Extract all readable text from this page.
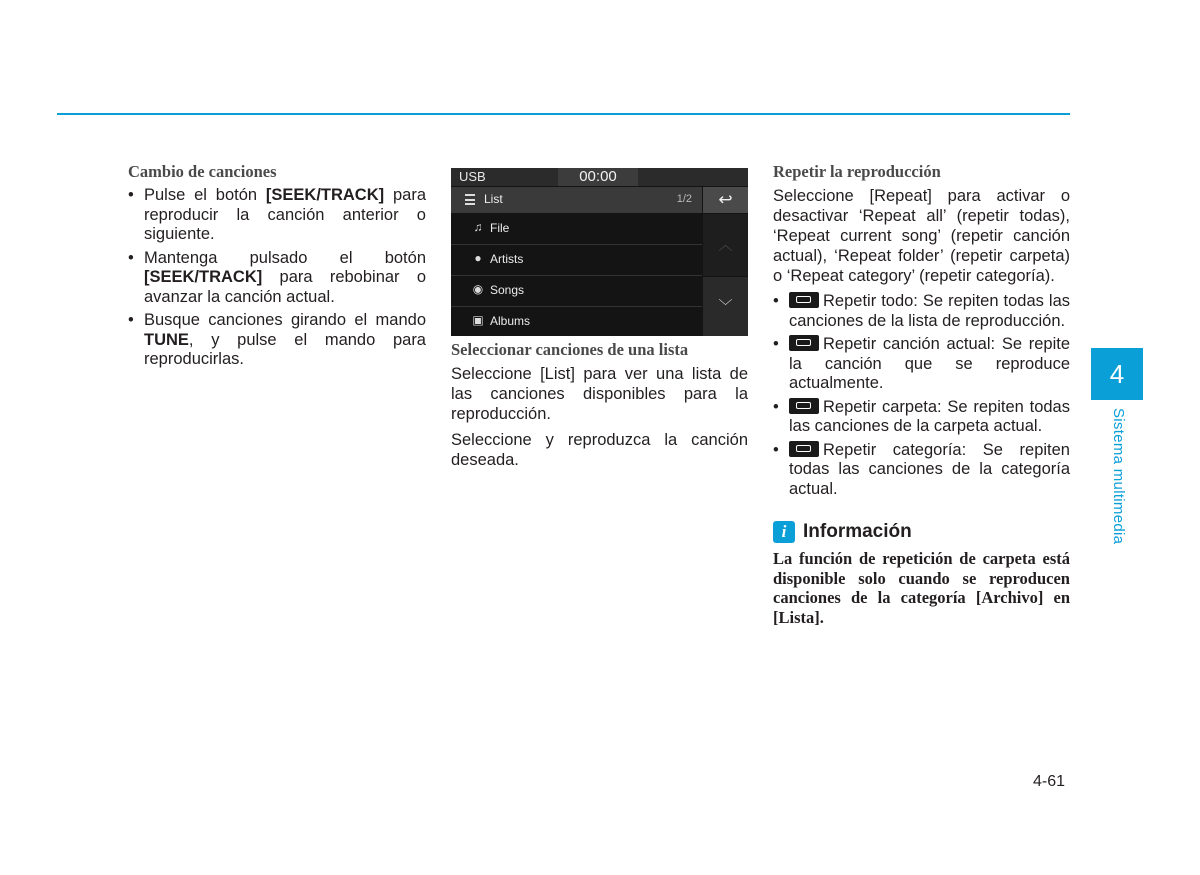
Cambio de canciones
• Pulse el botón [SEEK/TRACK] para reproducir la canción anterior o siguiente.
• Mantenga pulsado el botón [SEEK/TRACK] para rebobinar o avanzar la canción actual.
• Busque canciones girando el mando TUNE, y pulse el mando para reproducirlas.
USB	00:00
List	1/2	↩
♫ File
● Artists
◉ Songs
▣ Albums
︿
﹀
Seleccionar canciones de una lista

Seleccione [List] para ver una lista de las canciones disponibles para la reproducción.

Seleccione y reproduzca la canción deseada.

Repetir la reproducción

Seleccione [Repeat] para activar o desactivar ‘Repeat all’ (repetir todas), ‘Repeat current song’ (repetir canción actual), ‘Repeat folder’ (repetir carpeta) o ‘Repeat category’ (repetir categoría).

• Repetir todo: Se repiten todas las canciones de la lista de reproducción.
• Repetir canción actual: Se repite la canción que se reproduce actualmente.
• Repetir carpeta: Se repiten todas las canciones de la carpeta actual.
• Repetir categoría: Se repiten todas las canciones de la categoría actual.
i Información
La función de repetición de carpeta está disponible solo cuando se reproducen canciones de la categoría [Archivo] en [Lista].
4
Sistema multimedia
4-61
